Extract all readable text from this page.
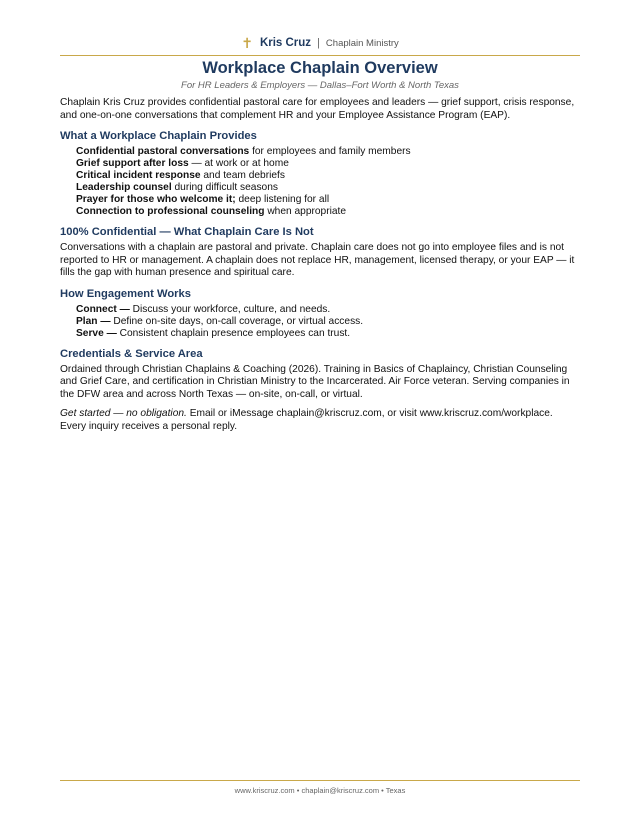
✝ Kris Cruz | Chaplain Ministry
Workplace Chaplain Overview
For HR Leaders & Employers — Dallas–Fort Worth & North Texas

Chaplain Kris Cruz provides confidential pastoral care for employees and leaders — grief support, crisis response, and one-on-one conversations that complement HR and your Employee Assistance Program (EAP).

What a Workplace Chaplain Provides
Confidential pastoral conversations for employees and family members
Grief support after loss — at work or at home
Critical incident response and team debriefs
Leadership counsel during difficult seasons
Prayer for those who welcome it; deep listening for all
Connection to professional counseling when appropriate
100% Confidential — What Chaplain Care Is Not

Conversations with a chaplain are pastoral and private. Chaplain care does not go into employee files and is not reported to HR or management. A chaplain does not replace HR, management, licensed therapy, or your EAP — it fills the gap with human presence and spiritual care.

How Engagement Works
Connect — Discuss your workforce, culture, and needs.
Plan — Define on-site days, on-call coverage, or virtual access.
Serve — Consistent chaplain presence employees can trust.
Credentials & Service Area

Ordained through Christian Chaplains & Coaching (2026). Training in Basics of Chaplaincy, Christian Counseling and Grief Care, and certification in Christian Ministry to the Incarcerated. Air Force veteran. Serving companies in the DFW area and across North Texas — on-site, on-call, or virtual.

Get started — no obligation. Email or iMessage chaplain@kriscruz.com, or visit www.kriscruz.com/workplace. Every inquiry receives a personal reply.

www.kriscruz.com • chaplain@kriscruz.com • Texas
